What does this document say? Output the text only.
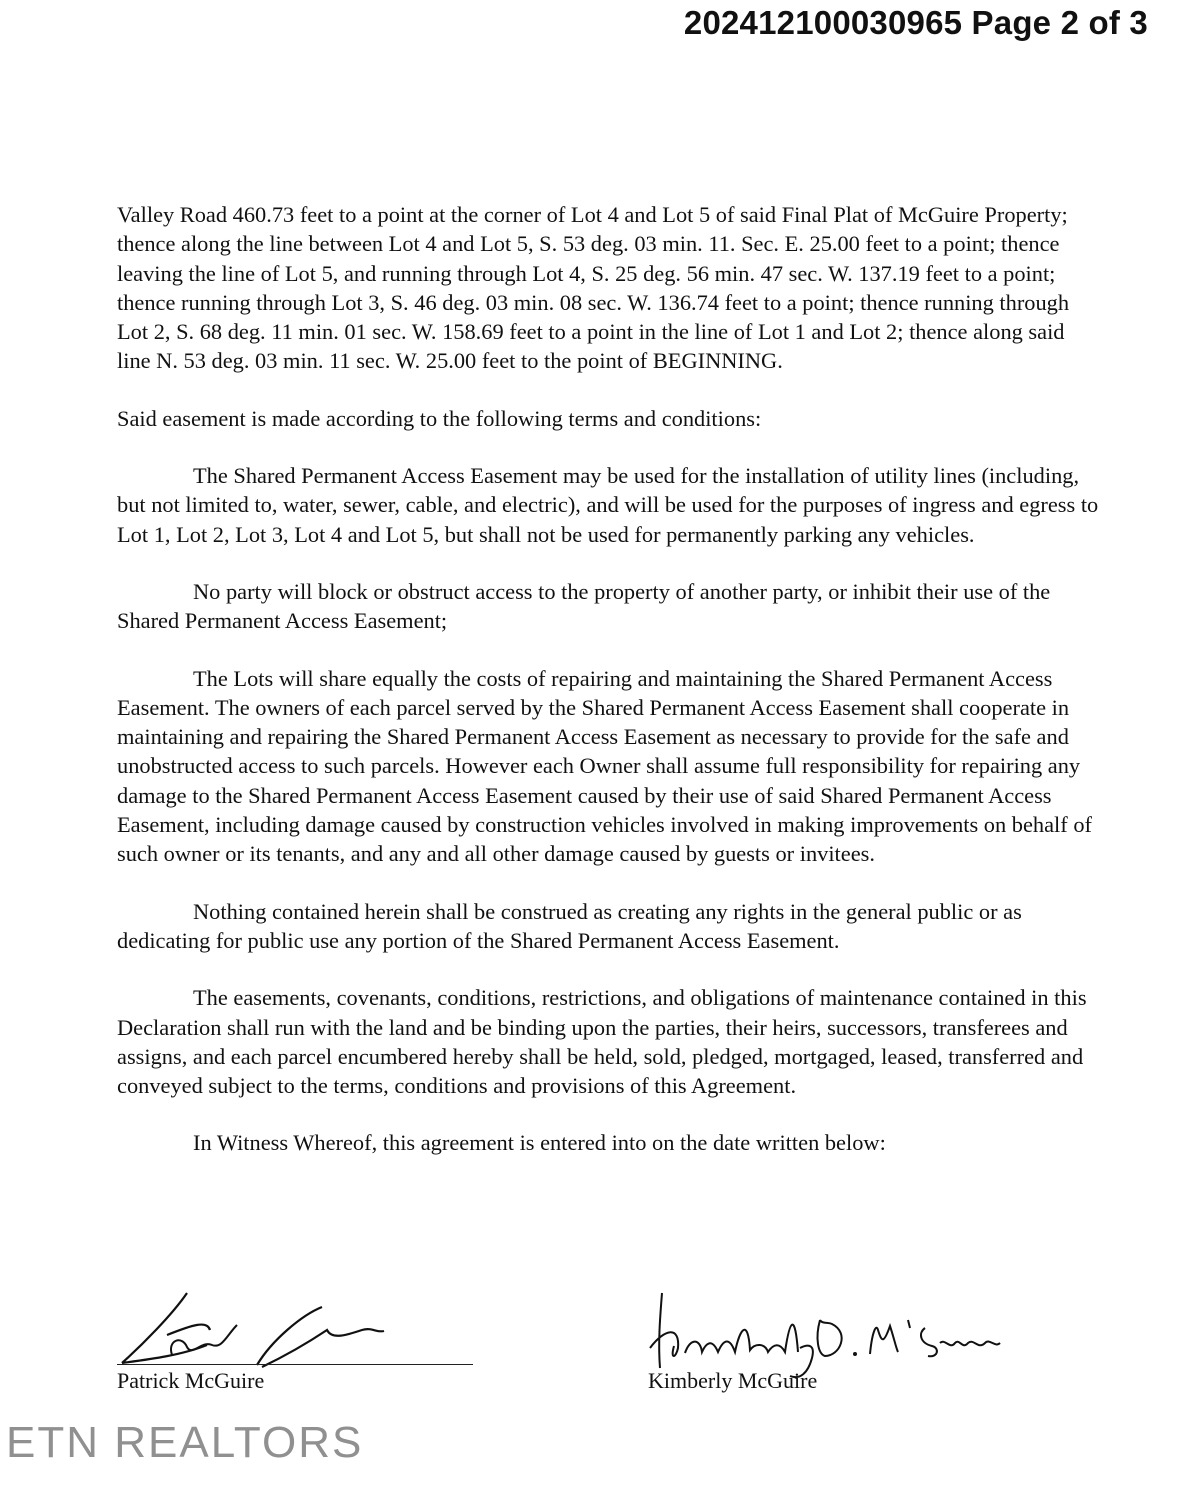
202412100030965 Page 2 of 3

Valley Road 460.73 feet to a point at the corner of Lot 4 and Lot 5 of said Final Plat of McGuire Property; thence along the line between Lot 4 and Lot 5, S. 53 deg. 03 min. 11. Sec. E. 25.00 feet to a point; thence leaving the line of Lot 5, and running through Lot 4, S. 25 deg. 56 min. 47 sec. W. 137.19 feet to a point; thence running through Lot 3, S. 46 deg. 03 min. 08 sec. W. 136.74 feet to a point; thence running through Lot 2, S. 68 deg. 11 min. 01 sec. W. 158.69 feet to a point in the line of Lot 1 and Lot 2; thence along said line N. 53 deg. 03 min. 11 sec. W. 25.00 feet to the point of BEGINNING.

Said easement is made according to the following terms and conditions:

The Shared Permanent Access Easement may be used for the installation of utility lines (including, but not limited to, water, sewer, cable, and electric), and will be used for the purposes of ingress and egress to Lot 1, Lot 2, Lot 3, Lot 4 and Lot 5, but shall not be used for permanently parking any vehicles.

No party will block or obstruct access to the property of another party, or inhibit their use of the Shared Permanent Access Easement;

The Lots will share equally the costs of repairing and maintaining the Shared Permanent Access Easement. The owners of each parcel served by the Shared Permanent Access Easement shall cooperate in maintaining and repairing the Shared Permanent Access Easement as necessary to provide for the safe and unobstructed access to such parcels. However each Owner shall assume full responsibility for repairing any damage to the Shared Permanent Access Easement caused by their use of said Shared Permanent Access Easement, including damage caused by construction vehicles involved in making improvements on behalf of such owner or its tenants, and any and all other damage caused by guests or invitees.

Nothing contained herein shall be construed as creating any rights in the general public or as dedicating for public use any portion of the Shared Permanent Access Easement.

The easements, covenants, conditions, restrictions, and obligations of maintenance contained in this Declaration shall run with the land and be binding upon the parties, their heirs, successors, transferees and assigns, and each parcel encumbered hereby shall be held, sold, pledged, mortgaged, leased, transferred and conveyed subject to the terms, conditions and provisions of this Agreement.

In Witness Whereof, this agreement is entered into on the date written below:

Patrick McGuire	Kimberly McGuire
ETN REALTORS
